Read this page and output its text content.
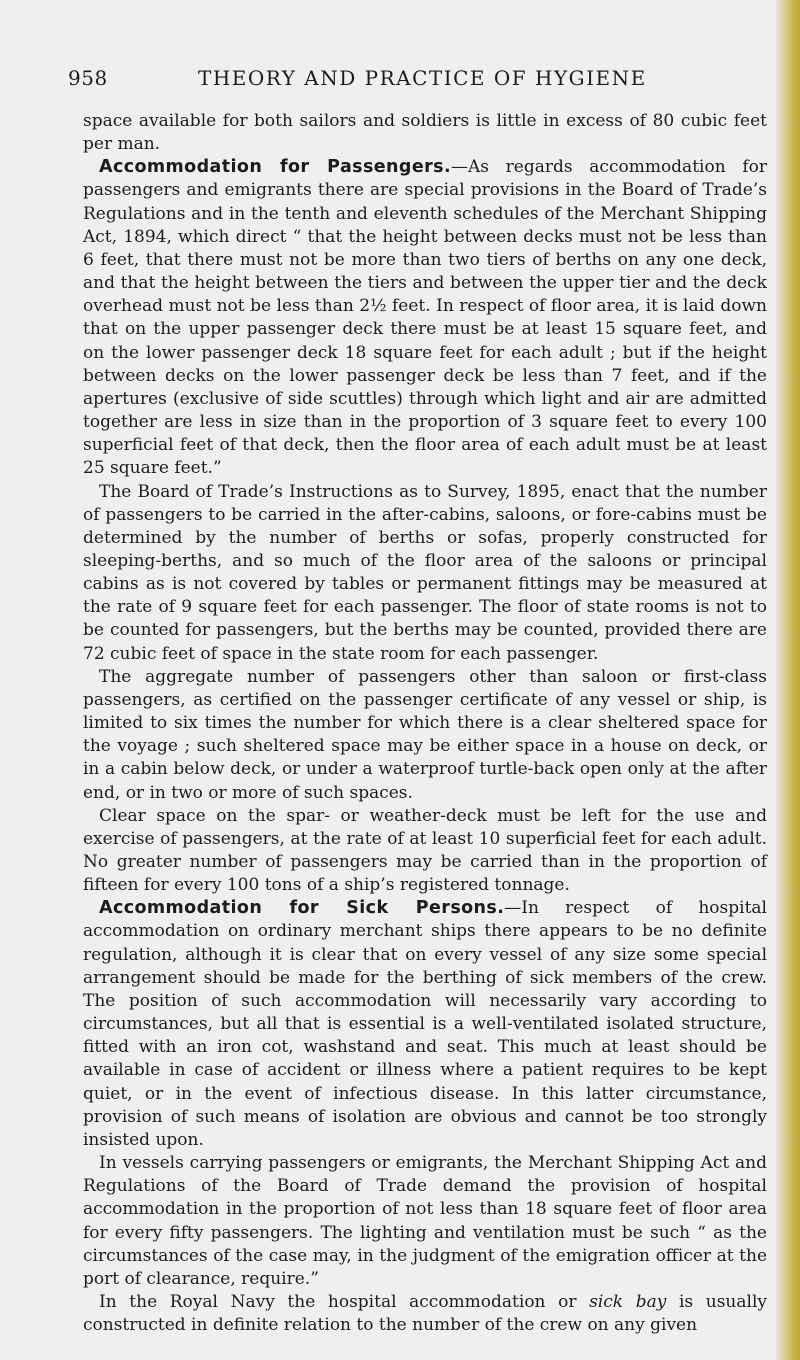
958	THEORY AND PRACTICE OF HYGIENE

space available for both sailors and soldiers is little in excess of 80 cubic feet per man.

Accommodation for Passengers.—As regards accommodation for passengers and emigrants there are special provisions in the Board of Trade’s Regulations and in the tenth and eleventh schedules of the Merchant Shipping Act, 1894, which direct “ that the height between decks must not be less than 6 feet, that there must not be more than two tiers of berths on any one deck, and that the height between the tiers and between the upper tier and the deck overhead must not be less than 2½ feet. In respect of floor area, it is laid down that on the upper passenger deck there must be at least 15 square feet, and on the lower passenger deck 18 square feet for each adult ; but if the height between decks on the lower passenger deck be less than 7 feet, and if the apertures (exclusive of side scuttles) through which light and air are admitted together are less in size than in the proportion of 3 square feet to every 100 superficial feet of that deck, then the floor area of each adult must be at least 25 square feet.”

The Board of Trade’s Instructions as to Survey, 1895, enact that the number of passengers to be carried in the after-cabins, saloons, or fore-cabins must be determined by the number of berths or sofas, properly constructed for sleeping-berths, and so much of the floor area of the saloons or principal cabins as is not covered by tables or permanent fittings may be measured at the rate of 9 square feet for each passenger. The floor of state rooms is not to be counted for passengers, but the berths may be counted, provided there are 72 cubic feet of space in the state room for each passenger.

The aggregate number of passengers other than saloon or first-class passengers, as certified on the passenger certificate of any vessel or ship, is limited to six times the number for which there is a clear sheltered space for the voyage ; such sheltered space may be either space in a house on deck, or in a cabin below deck, or under a waterproof turtle-back open only at the after end, or in two or more of such spaces.

Clear space on the spar- or weather-deck must be left for the use and exercise of passengers, at the rate of at least 10 superficial feet for each adult. No greater number of passengers may be carried than in the proportion of fifteen for every 100 tons of a ship’s registered tonnage.

Accommodation for Sick Persons.—In respect of hospital accommodation on ordinary merchant ships there appears to be no definite regulation, although it is clear that on every vessel of any size some special arrangement should be made for the berthing of sick members of the crew. The position of such accommodation will necessarily vary according to circumstances, but all that is essential is a well-ventilated isolated structure, fitted with an iron cot, washstand and seat. This much at least should be available in case of accident or illness where a patient requires to be kept quiet, or in the event of infectious disease. In this latter circumstance, provision of such means of isolation are obvious and cannot be too strongly insisted upon.

In vessels carrying passengers or emigrants, the Merchant Shipping Act and Regulations of the Board of Trade demand the provision of hospital accommodation in the proportion of not less than 18 square feet of floor area for every fifty passengers. The lighting and ventilation must be such “ as the circumstances of the case may, in the judgment of the emigration officer at the port of clearance, require.”

In the Royal Navy the hospital accommodation or sick bay is usually constructed in definite relation to the number of the crew on any given
